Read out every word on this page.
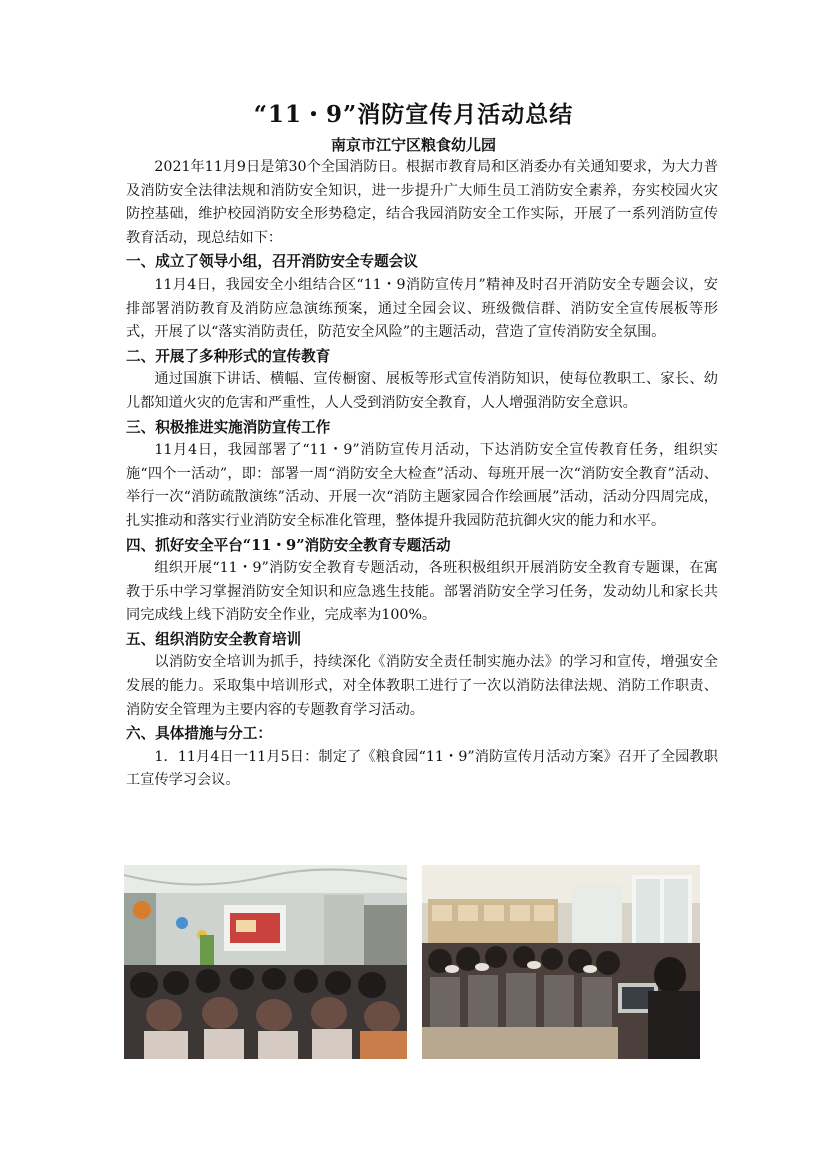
“11・9”消防宣传月活动总结
南京市江宁区粮食幼儿园

2021年11月9日是第30个全国消防日。根据市教育局和区消委办有关通知要求，为大力普及消防安全法律法规和消防安全知识，进一步提升广大师生员工消防安全素养，夯实校园火灾防控基础，维护校园消防安全形势稳定，结合我园消防安全工作实际，开展了一系列消防宣传教育活动，现总结如下：

一、成立了领导小组，召开消防安全专题会议

11月4日，我园安全小组结合区“11・9消防宣传月”精神及时召开消防安全专题会议，安排部署消防教育及消防应急演练预案，通过全园会议、班级微信群、消防安全宣传展板等形式，开展了以“落实消防责任，防范安全风险”的主题活动，营造了宣传消防安全氛围。

二、开展了多种形式的宣传教育

通过国旗下讲话、横幅、宣传橱窗、展板等形式宣传消防知识，使每位教职工、家长、幼儿都知道火灾的危害和严重性，人人受到消防安全教育，人人增强消防安全意识。

三、积极推进实施消防宣传工作

11月4日，我园部署了“11・9”消防宣传月活动，下达消防安全宣传教育任务，组织实施“四个一活动”，即：部署一周“消防安全大检查”活动、每班开展一次“消防安全教育”活动、举行一次“消防疏散演练”活动、开展一次“消防主题家园合作绘画展”活动，活动分四周完成，扎实推动和落实行业消防安全标准化管理，整体提升我园防范抗御火灾的能力和水平。

四、抓好安全平台“11・9”消防安全教育专题活动

组织开展“11・9”消防安全教育专题活动，各班积极组织开展消防安全教育专题课，在寓教于乐中学习掌握消防安全知识和应急逃生技能。部署消防安全学习任务，发动幼儿和家长共同完成线上线下消防安全作业，完成率为100%。

五、组织消防安全教育培训

以消防安全培训为抓手，持续深化《消防安全责任制实施办法》的学习和宣传，增强安全发展的能力。采取集中培训形式，对全体教职工进行了一次以消防法律法规、消防工作职责、消防安全管理为主要内容的专题教育学习活动。

六、具体措施与分工：

1．11月4日一11月5日：制定了《粮食园“11・9”消防宣传月活动方案》召开了全园教职工宣传学习会议。
